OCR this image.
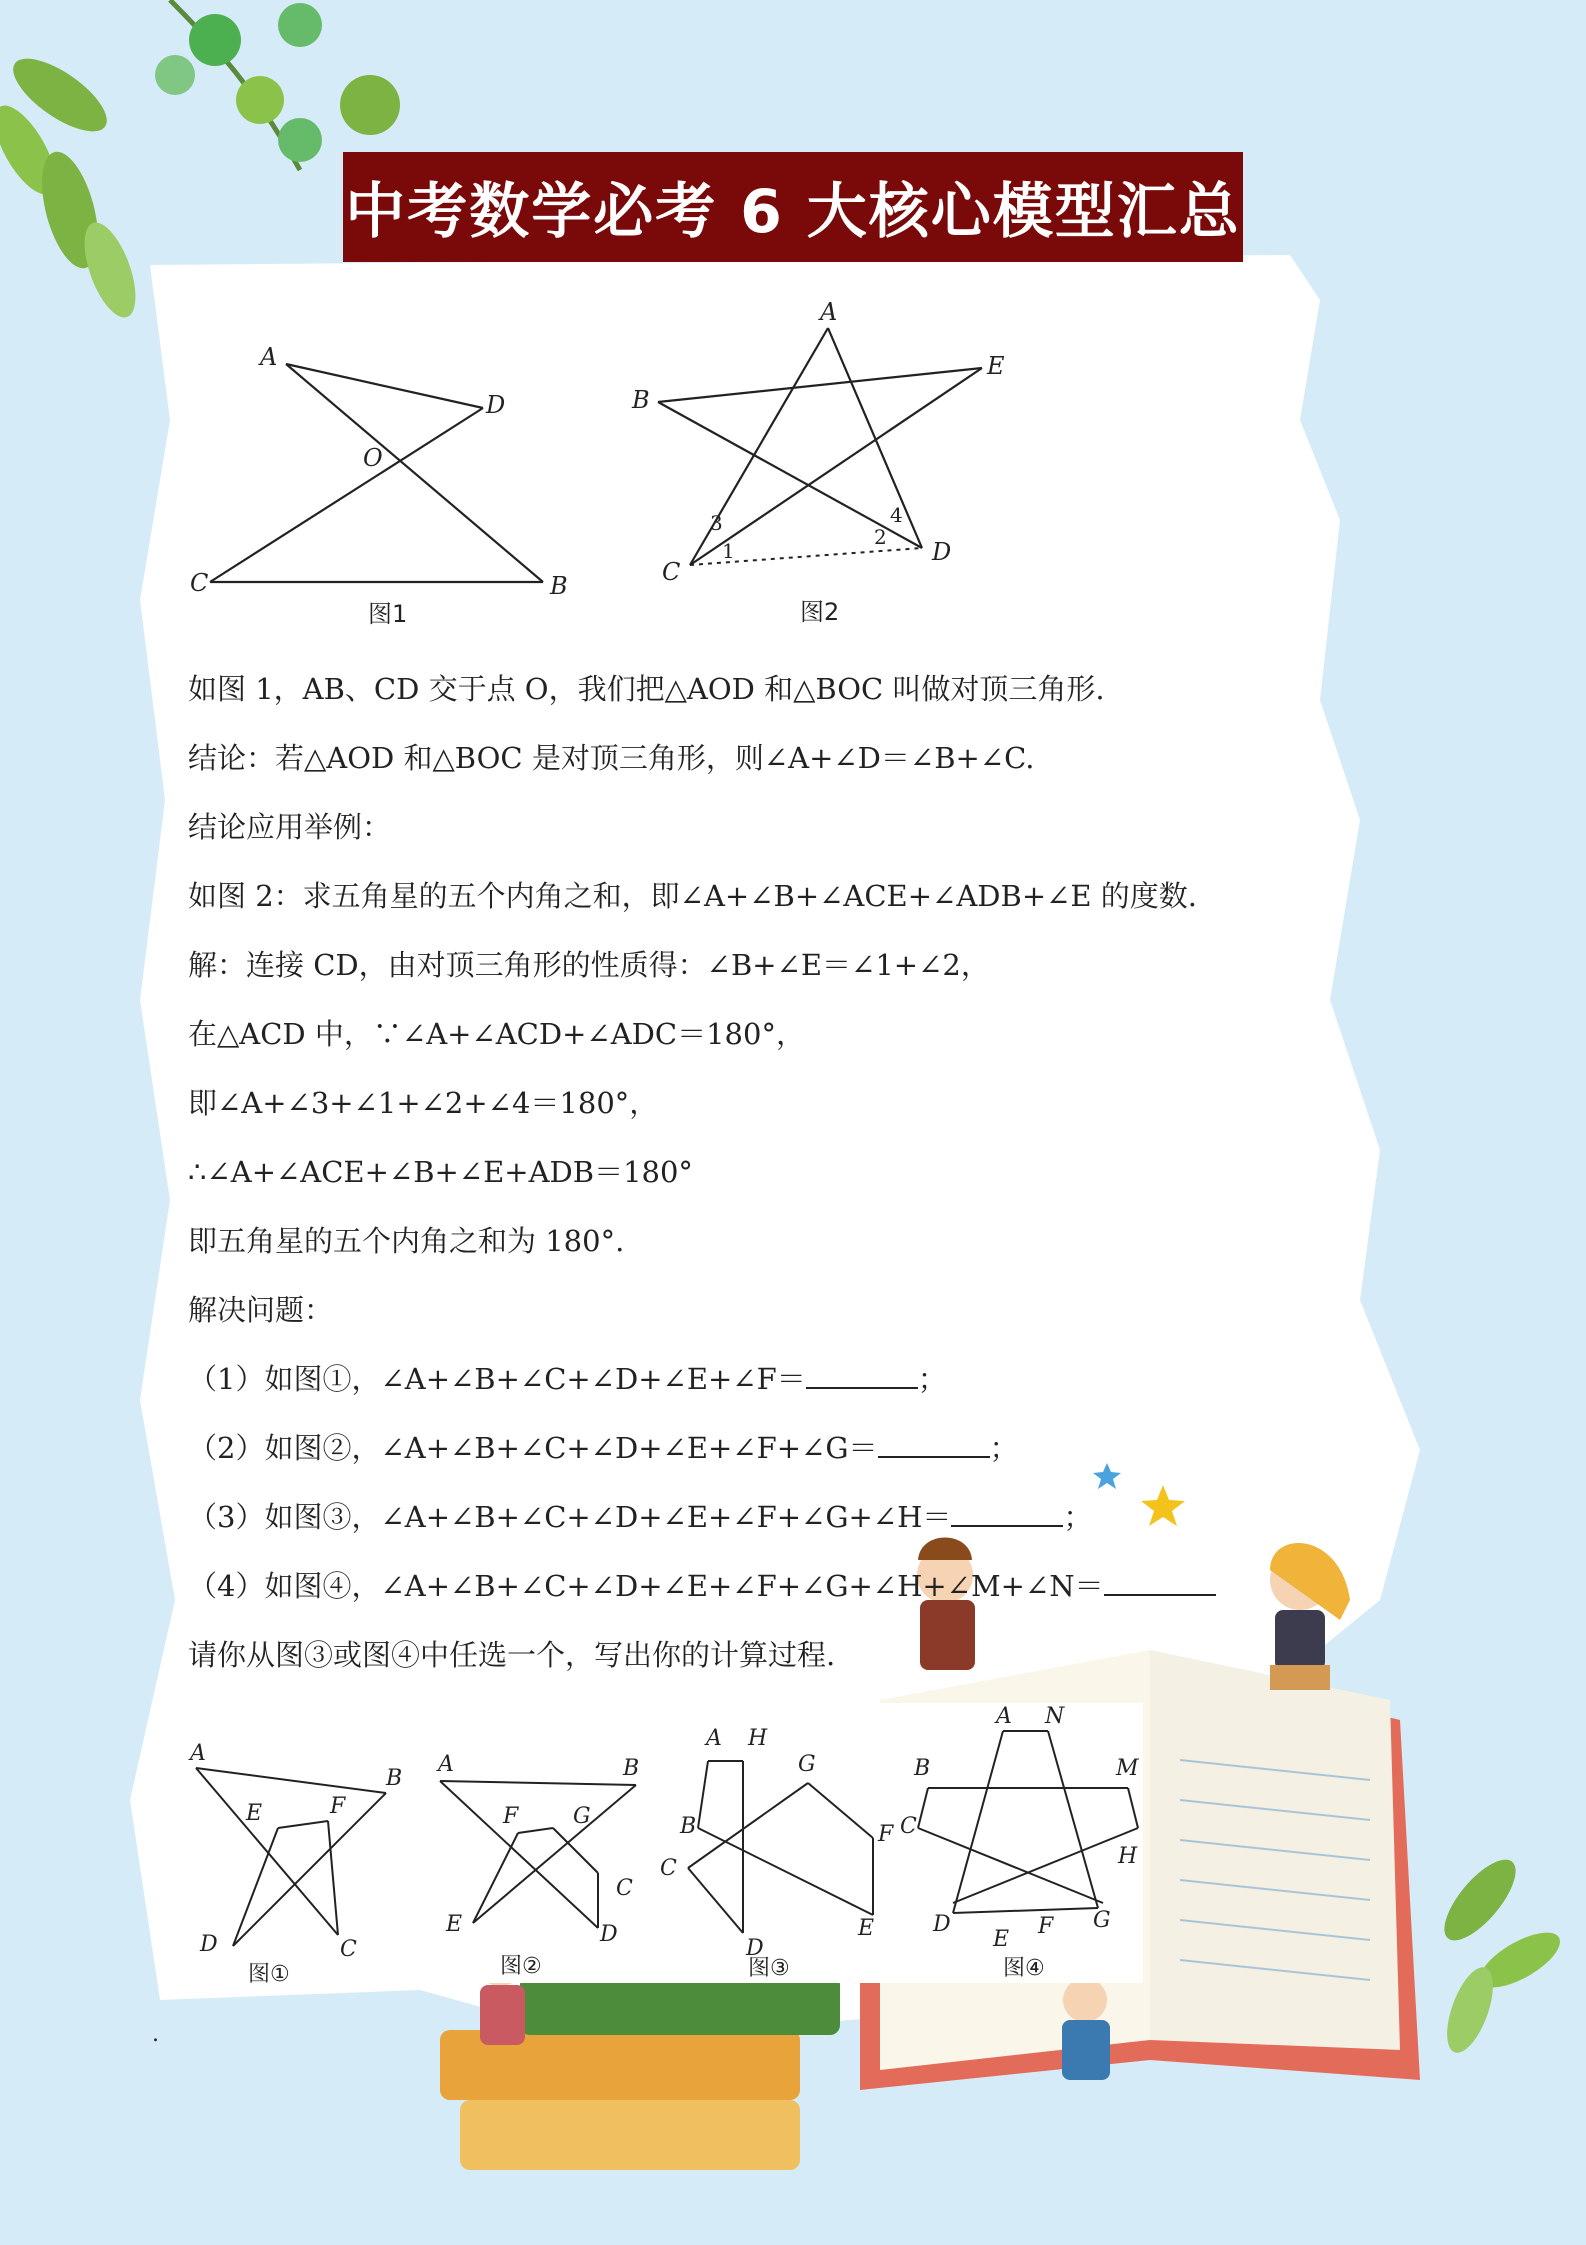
中考数学必考 6 大核心模型汇总
A
D
O
C	B
图1
A
E
B
C
D
1
2
3	4
图2
如图 1，AB、CD 交于点 O，我们把△AOD 和△BOC 叫做对顶三角形.
结论：若△AOD 和△BOC 是对顶三角形，则∠A+∠D＝∠B+∠C.
结论应用举例：
如图 2：求五角星的五个内角之和，即∠A+∠B+∠ACE+∠ADB+∠E 的度数.
解：连接 CD，由对顶三角形的性质得：∠B+∠E＝∠1+∠2，
在△ACD 中，∵∠A+∠ACD+∠ADC＝180°，
即∠A+∠3+∠1+∠2+∠4＝180°，
∴∠A+∠ACE+∠B+∠E+ADB＝180°
即五角星的五个内角之和为 180°.
解决问题：
（1）如图①，∠A+∠B+∠C+∠D+∠E+∠F＝	；
（2）如图②，∠A+∠B+∠C+∠D+∠E+∠F+∠G＝	；
（3）如图③，∠A+∠B+∠C+∠D+∠E+∠F+∠G+∠H＝	；
（4）如图④，∠A+∠B+∠C+∠D+∠E+∠F+∠G+∠H+∠M+∠N＝
请你从图③或图④中任选一个，写出你的计算过程.
A
B
E	F
D	C
A	B
F G
C
E	D
A H
G
B	F
C
E
D
A N
B	M
C
H
D
E
F G
图①	图②	图③	图④
.
